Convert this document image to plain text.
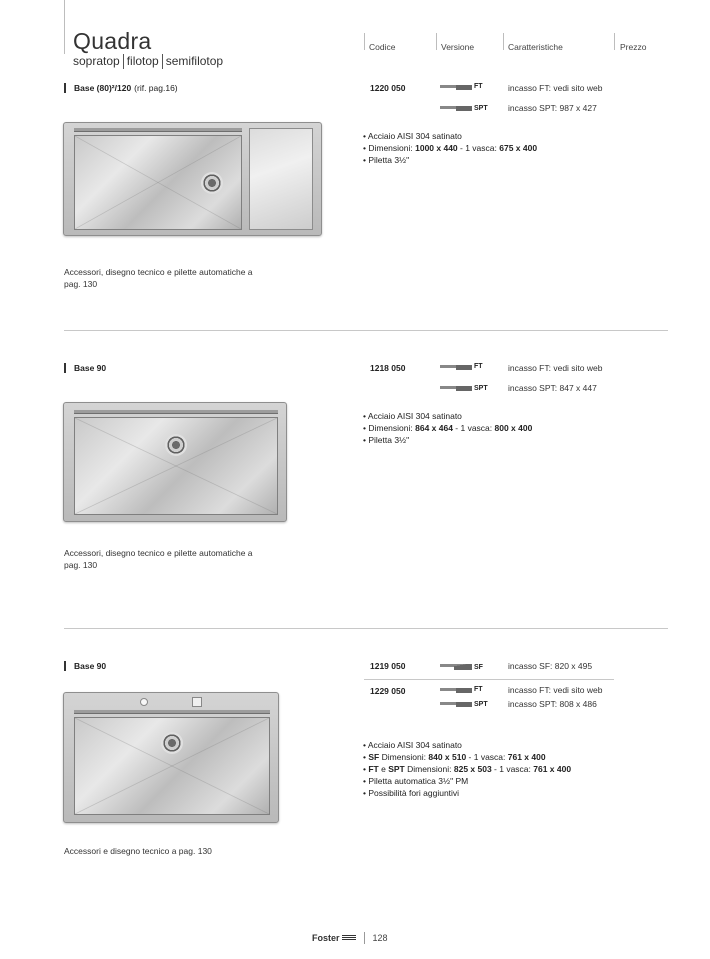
Quadra
sopratop filotop semifilotop
Codice	Versione	Caratteristiche	Prezzo
Base (80)²/120 (rif. pag.16)	1220 050	FT	incasso FT: vedi sito web
SPT incasso SPT: 987 x 427
• Acciaio AISI 304 satinato
• Dimensioni: 1000 x 440 - 1 vasca: 675 x 400
• Piletta 3½"
Accessori, disegno tecnico e pilette automatiche a pag. 130
Base 90	1218 050	FT	incasso FT: vedi sito web
SPT incasso SPT: 847 x 447
• Acciaio AISI 304 satinato
• Dimensioni: 864 x 464 - 1 vasca: 800 x 400
• Piletta 3½"
Accessori, disegno tecnico e pilette automatiche a pag. 130
Base 90	1219 050	SF	incasso SF: 820 x 495
1229 050	FT	incasso FT: vedi sito web
SPT incasso SPT: 808 x 486
• Acciaio AISI 304 satinato
• SF Dimensioni: 840 x 510 - 1 vasca: 761 x 400
• FT e SPT Dimensioni: 825 x 503 - 1 vasca: 761 x 400
• Piletta automatica 3½" PM
• Possibilità fori aggiuntivi
Accessori e disegno tecnico a pag. 130
Foster	128
